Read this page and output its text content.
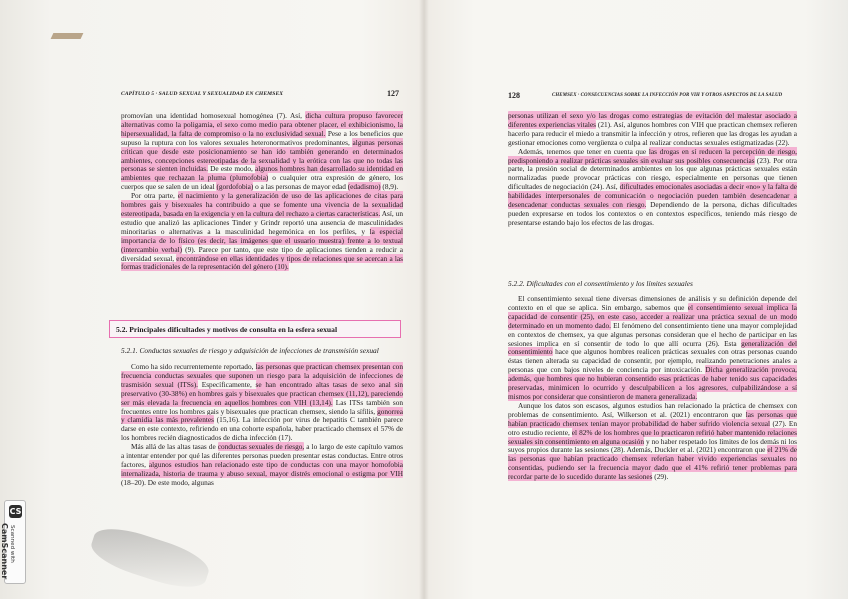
CAPÍTULO 5 · SALUD SEXUAL Y SEXUALIDAD EN CHEMSEX	127

promovían una identidad homosexual homogénea (7). Así, dicha cultura propuso favorecer alternativas como la poligamia, el sexo como medio para obtener placer, el exhibicionismo, la hipersexualidad, la falta de compromiso o la no exclusividad sexual. Pese a los beneficios que supuso la ruptura con los valores sexuales heteronormativos predominantes, algunas personas critican que desde este posicionamiento se han ido también generando en determinados ambientes, concepciones estereotipadas de la sexualidad y la erótica con las que no todas las personas se sienten incluidas. De este modo, algunos hombres han desarrollado su identidad en ambientes que rechazan la pluma (plumofobia) o cualquier otra expresión de género, los cuerpos que se salen de un ideal (gordofobia) o a las personas de mayor edad (edadismo) (8,9).

Por otra parte, el nacimiento y la generalización de uso de las aplicaciones de citas para hombres gais y bisexuales ha contribuido a que se fomente una vivencia de la sexualidad estereotipada, basada en la exigencia y en la cultura del rechazo a ciertas características. Así, un estudio que analizó las aplicaciones Tinder y Grindr reportó una ausencia de masculinidades minoritarias o alternativas a la masculinidad hegemónica en los perfiles, y la especial importancia de lo físico (es decir, las imágenes que el usuario muestra) frente a lo textual (intercambio verbal) (9). Parece por tanto, que este tipo de aplicaciones tienden a reducir a diversidad sexual, encontrándose en ellas identidades y tipos de relaciones que se acercan a las formas tradicionales de la representación del género (10).

5.2. Principales dificultades y motivos de consulta en la esfera sexual

5.2.1. Conductas sexuales de riesgo y adquisición de infecciones de transmisión sexual

Como ha sido recurrentemente reportado, las personas que practican chemsex presentan con frecuencia conductas sexuales que suponen un riesgo para la adquisición de infecciones de trasmisión sexual (ITSs). Específicamente, se han encontrado altas tasas de sexo anal sin preservativo (30-38%) en hombres gais y bisexuales que practican chemsex (11,12), pareciendo ser más elevada la frecuencia en aquellos hombres con VIH (13,14). Las ITSs también son frecuentes entre los hombres gais y bisexuales que practican chemsex, siendo la sífilis, gonorrea y clamidia las más prevalentes (15,16). La infección por virus de hepatitis C también parece darse en este contexto, refiriendo en una cohorte española, haber practicado chemsex el 57% de los hombres recién diagnosticados de dicha infección (17).

Más allá de las altas tasas de conductas sexuales de riesgo, a lo largo de este capítulo vamos a intentar entender por qué las diferentes personas pueden presentar estas conductas. Entre otros factores, algunos estudios han relacionado este tipo de conductas con una mayor homofobia internalizada, historia de trauma y abuso sexual, mayor distrés emocional o estigma por VIH (18–20). De este modo, algunas

128	CHEMSEX · CONSECUENCIAS SOBRE LA INFECCIÓN POR VIH Y OTROS ASPECTOS DE LA SALUD

personas utilizan el sexo y/o las drogas como estrategias de evitación del malestar asociado a diferentes experiencias vitales (21). Así, algunos hombres con VIH que practican chemsex refieren hacerlo para reducir el miedo a transmitir la infección y otros, refieren que las drogas les ayudan a gestionar emociones como vergüenza o culpa al realizar conductas sexuales estigmatizadas (22).

Además, tenemos que tener en cuenta que las drogas en sí reducen la percepción de riesgo, predisponiendo a realizar prácticas sexuales sin evaluar sus posibles consecuencias (23). Por otra parte, la presión social de determinados ambientes en los que algunas prácticas sexuales están normalizadas puede provocar prácticas con riesgo, especialmente en personas que tienen dificultades de negociación (24). Así, dificultades emocionales asociadas a decir «no» y la falta de habilidades interpersonales de comunicación o negociación pueden también desencadenar a desencadenar conductas sexuales con riesgo. Dependiendo de la persona, dichas dificultades pueden expresarse en todos los contextos o en contextos específicos, teniendo más riesgo de presentarse estando bajo los efectos de las drogas.

5.2.2. Dificultades con el consentimiento y los límites sexuales

El consentimiento sexual tiene diversas dimensiones de análisis y su definición depende del contexto en el que se aplica. Sin embargo, sabemos que el consentimiento sexual implica la capacidad de consentir (25), en este caso, acceder a realizar una práctica sexual de un modo determinado en un momento dado. El fenómeno del consentimiento tiene una mayor complejidad en contextos de chemsex, ya que algunas personas consideran que el hecho de participar en las sesiones implica en sí consentir de todo lo que allí ocurra (26). Esta generalización del consentimiento hace que algunos hombres realicen prácticas sexuales con otras personas cuando éstas tienen alterada su capacidad de consentir, por ejemplo, realizando penetraciones anales a personas que con bajos niveles de conciencia por intoxicación. Dicha generalización provoca, además, que hombres que no hubieran consentido esas prácticas de haber tenido sus capacidades preservadas, minimicen lo ocurrido y desculpabilicen a los agresores, culpabilizándose a sí mismos por considerar que consintieron de manera generalizada.

Aunque los datos son escasos, algunos estudios han relacionado la práctica de chemsex con problemas de consentimiento. Así, Wilkerson et al. (2021) encontraron que las personas que habían practicado chemsex tenían mayor probabilidad de haber sufrido violencia sexual (27). En otro estudio reciente, el 82% de los hombres que lo practicaron refirió haber mantenido relaciones sexuales sin consentimiento en alguna ocasión y no haber respetado los límites de los demás ni los suyos propios durante las sesiones (28). Además, Duckler et al. (2021) encontraron que el 21% de las personas que habían practicado chemsex referían haber vivido experiencias sexuales no consentidas, pudiendo ser la frecuencia mayor dado que el 41% refirió tener problemas para recordar parte de lo sucedido durante las sesiones (29).

CS
Scanned with
CamScanner
